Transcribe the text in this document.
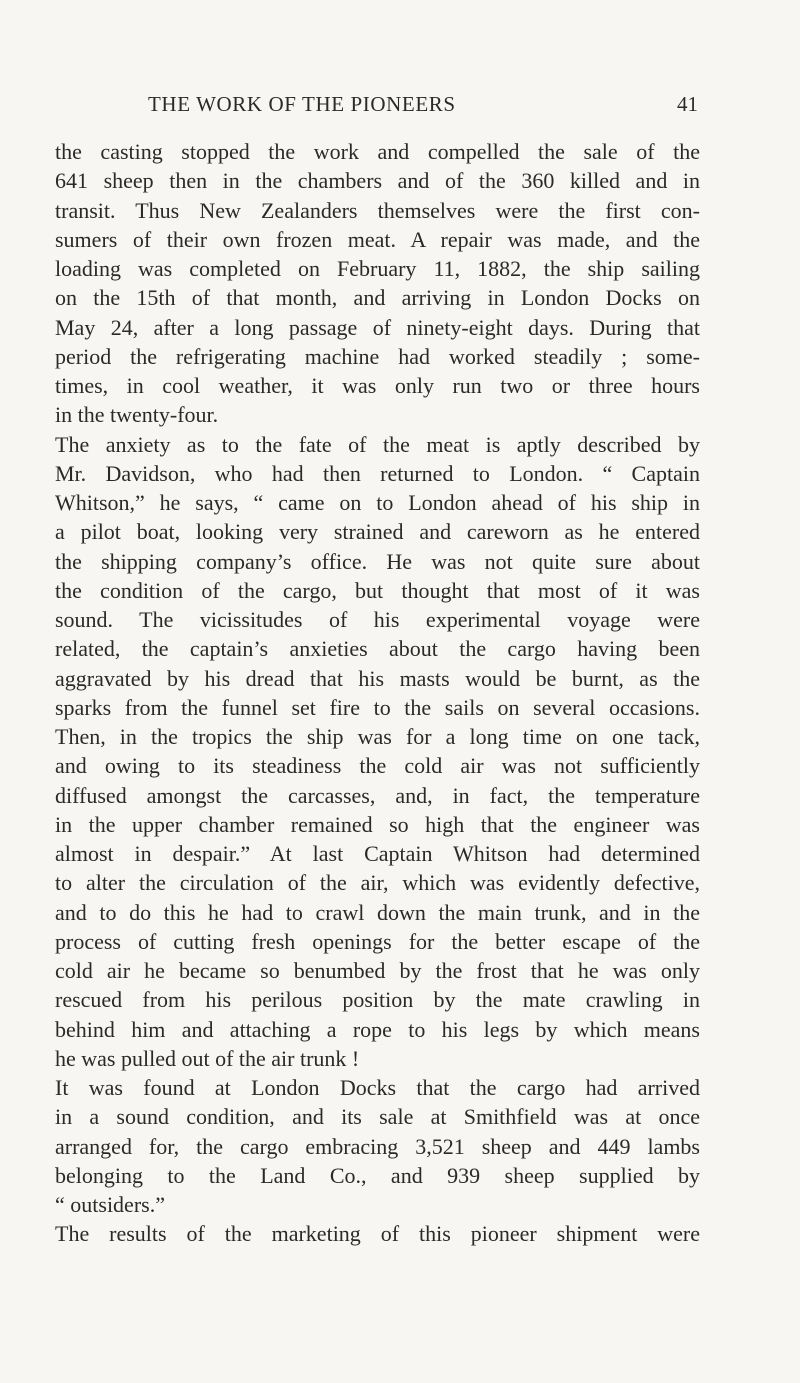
THE WORK OF THE PIONEERS	41
the casting stopped the work and compelled the sale of the
641 sheep then in the chambers and of the 360 killed and in
transit. Thus New Zealanders themselves were the first con-
sumers of their own frozen meat. A repair was made, and the
loading was completed on February 11, 1882, the ship sailing
on the 15th of that month, and arriving in London Docks on
May 24, after a long passage of ninety-eight days. During that
period the refrigerating machine had worked steadily ; some-
times, in cool weather, it was only run two or three hours
in the twenty-four.
The anxiety as to the fate of the meat is aptly described by
Mr. Davidson, who had then returned to London. “ Captain
Whitson,” he says, “ came on to London ahead of his ship in
a pilot boat, looking very strained and careworn as he entered
the shipping company’s office. He was not quite sure about
the condition of the cargo, but thought that most of it was
sound. The vicissitudes of his experimental voyage were
related, the captain’s anxieties about the cargo having been
aggravated by his dread that his masts would be burnt, as the
sparks from the funnel set fire to the sails on several occasions.
Then, in the tropics the ship was for a long time on one tack,
and owing to its steadiness the cold air was not sufficiently
diffused amongst the carcasses, and, in fact, the temperature
in the upper chamber remained so high that the engineer was
almost in despair.” At last Captain Whitson had determined
to alter the circulation of the air, which was evidently defective,
and to do this he had to crawl down the main trunk, and in the
process of cutting fresh openings for the better escape of the
cold air he became so benumbed by the frost that he was only
rescued from his perilous position by the mate crawling in
behind him and attaching a rope to his legs by which means
he was pulled out of the air trunk !
It was found at London Docks that the cargo had arrived
in a sound condition, and its sale at Smithfield was at once
arranged for, the cargo embracing 3,521 sheep and 449 lambs
belonging to the Land Co., and 939 sheep supplied by
“ outsiders.”
The results of the marketing of this pioneer shipment were
